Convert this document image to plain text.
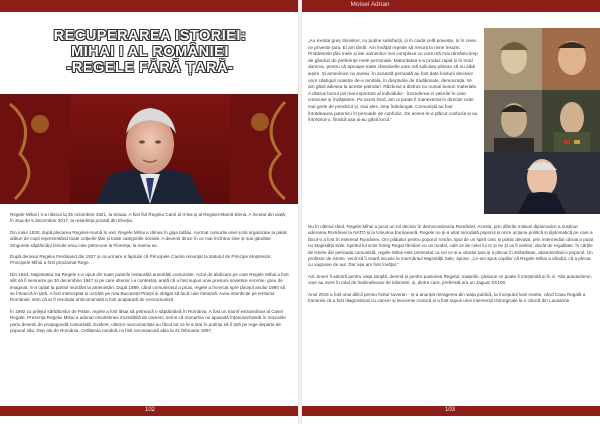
RECUPERAREA ISTORIEI:
MIHAI I AL ROMÂNIEI
-REGELE FĂRĂ ȚARĂ-

Regele Mihai I s-a născut la 25 octombrie 1921, la Sinaia. A fost fiul Regelui Carol al II-lea și al Reginei-Mamă Elena. A încetat din viață, în ziua de 5 decembrie 2017, la reședința privată din Elveția.

Din iunie 1930, după plecarea Reginei-mamă în exil, Regele Mihai a rămas în grija tatălui. Aurmat cursurile unei școli organizate la palat, alături de copii reprezentând toate colțurile țării și toate categoriile sociale. A devenit dince în ce mai încîntrui sine și mai gânditor. Singurele săptămâni fericite erau cele petrecute la Florența, la mama sa.

După decesul Regelui Ferdinand din 1927 și ca urmare a faptului că Principele Carola renunțat la statutul de Principe Moștenitor, Principele Mihai a fost proclamat Rege.

Din 1944, Majestatea Sa Regele s-a opus din toate puterile instaurării autorității comuniste. Actul de abdicare pe care Regele Mihai a fost silit să îl semneze pe 30 decembrie 1947 și pe care ulterior l-a contestat, arată că a fost supus unei presiuni sovietice enorme, greu de imaginat. S-a opțiat la partiul murdării la amenințări. După 1989, când comunismul a picat, regele a încercat spre țărușul anului 1990 să se întoarcă în țară. A fost interceptat și urmărit pe ruta București-Pitești și obligat să facă cale întoarsă. Avea interdicție pe teritoriul României, sem că ar fi revoluția anticomunistă a fost acaparată de neocomuniști.

În 1992 cu prilejul sărbătorilor de Paște, regele a fost lăsat să petreacă o săptămână în România. A fost un triumf extraordinar al Casei Regale. Prezența Regelui Mihai a adunat omuletimea incredibilă de oameni, semn că monarhia nu apusuită înțesurachesită în mișcarile partu desenii de propagandă comunistă. Evident, ulterior neocomuniștii au făcut tot ce le-a stat în putința să îi țină pe rege departe de poporul său. Dep ale de România. Cetățenia română i-a fost reconsacută abia la 21 februarie 1997.

102	103
Moisei Adrian

„Au existat greș obositori, cu puține satisfacții, și în ciuda celă priveste, și în ceea ce priveste țara. Ei am tânăr. Am învățat repede să renunț la mine însumi. Problemele țării mele și ale oamenilor mei complexe cu care mă mai rămăsni timp de gânduri de preferințe mele personale. Maturitatea s-a produs rapid și în mod dureros, pentru că aproape toate chestiunile care mă solicitau păreau să nu aibă ieșire. Și ameninice nu aveau. În această perioadă au fost date loviturii decisive unor câștiguri noastre de-a renitala, în drepturile de tradiționale, democrația. M-am găsit adesea la aceste patrulari. Războiul a distrus nu numai bunuri materiale. A distrus bunul cel mai important al individului - încrederea in valorile în care crescuse și învățasem. Pe acest fond, am ui poate fi maneveriat în direcție celei mai grele de prevăzut și, mai ales, timp îndelungat. Comuniștii au fost întotdeauna puternici în perioade de confuzie. De aceea le-a plăcut confuzia și au întreținut-o, fiindcă așa și-au găsit locul.”

Nu în ultimul rând, Regele Mihai a jucat un rol decisiv în democratizarea României. Acesta, prin diferite misiuni diplomatice a susținut aderarea României la NATO și la Uniunea Europeană. Regele nu și-a uitat niciodată poporul și orice acțiune politică și diplomatică pe care a făcut-o a fost în interesul României. Om pilduitor pentru poporul român, tipul de un spirit civic și politic devotat, prin intermediul căruia a putut nu Majestății Sale. Spiritul lui scris întreg Regal rămâne ca un model, calit ce de celei lui nr și ne șt va fi venitor, decât de regalitate. În cărțile de istorie din perioada comunistă, regele Mihai este prezentat ca cel ce și-a vândut țara și a plecat în străinătate, abandonând-o poporul. Un profesor de istorie, venit să îi ceară iscusie la mormântul Majestății Sale, spune: „Le-am spus copiilor că Regele Mihai a vândut, că a plecat cu vagoane de aur. Dar așa am fost învățat.”

Azi, timeri îl admiră pentru viața simplă, demnă și pentru pasiunea Regelui: mașinile, pasiune ce poate fi moștenită și în zi. Alte autoturisme, care au mers în total de înalimelieune de kilometri, și, dintre care, preferată era un Jaguar XS100.

Anul 2016 a fost unul dificil pentru fostul suveran - și-a anunțat retragerea din viața publică, la începutul lunii martie, când Casa Regală a transmis că a fost diagnosticat cu cancer și leucemie cronică și a fost supus unei intervenții chirurgicale la o clinică din Lausanne.
